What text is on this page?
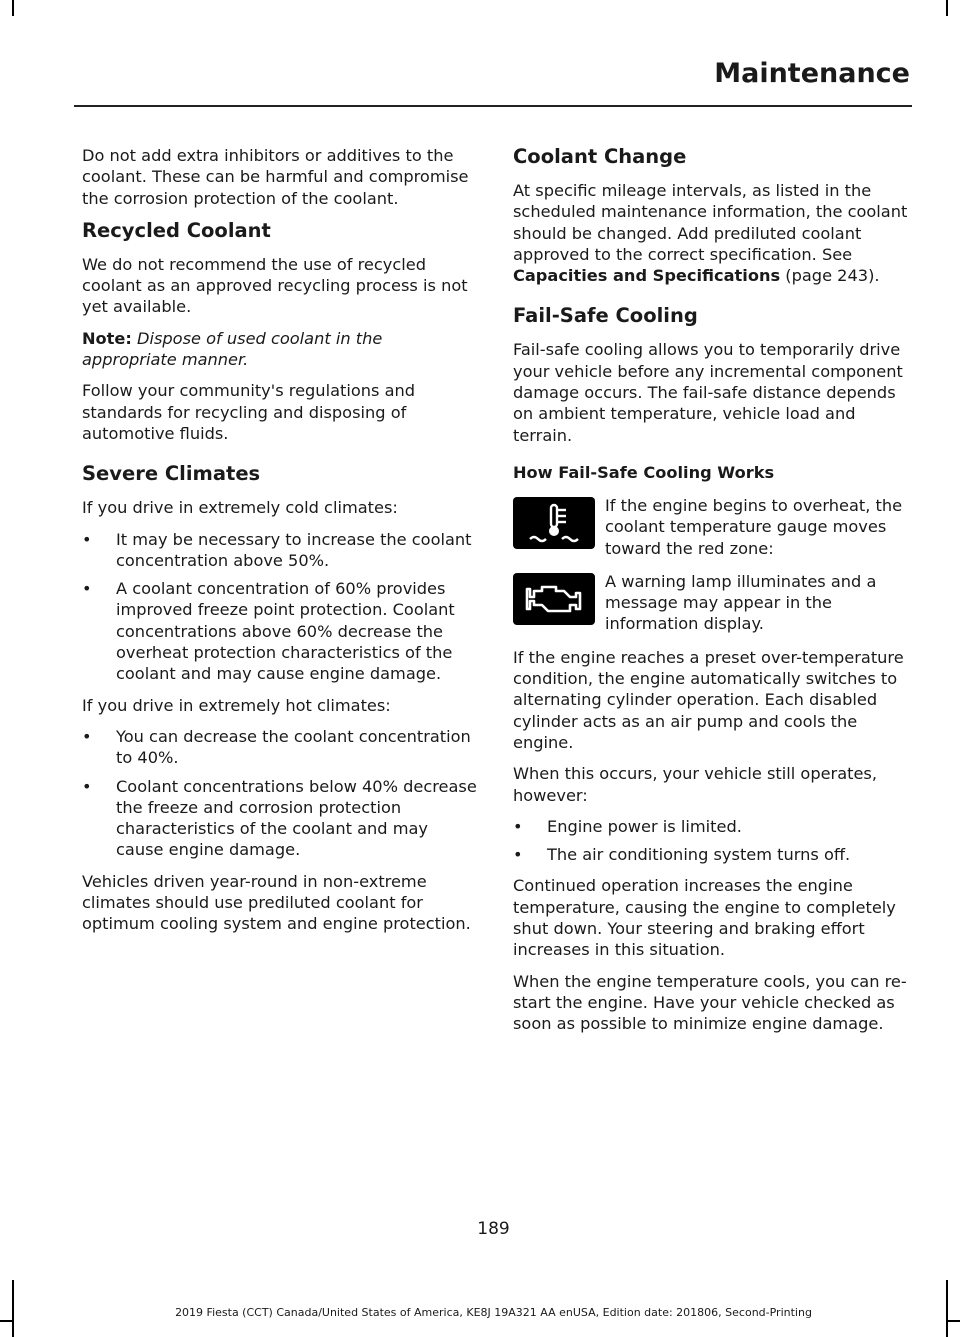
Maintenance

Do not add extra inhibitors or additives to the coolant. These can be harmful and compromise the corrosion protection of the coolant.

Recycled Coolant

We do not recommend the use of recycled coolant as an approved recycling process is not yet available.

Note: Dispose of used coolant in the appropriate manner.

Follow your community's regulations and standards for recycling and disposing of automotive fluids.

Severe Climates

If you drive in extremely cold climates:

• It may be necessary to increase the coolant concentration above 50%.
• A coolant concentration of 60% provides improved freeze point protection. Coolant concentrations above 60% decrease the overheat protection characteristics of the coolant and may cause engine damage.

If you drive in extremely hot climates:

• You can decrease the coolant concentration to 40%.
• Coolant concentrations below 40% decrease the freeze and corrosion protection characteristics of the coolant and may cause engine damage.

Vehicles driven year-round in non-extreme climates should use prediluted coolant for optimum cooling system and engine protection.

Coolant Change

At specific mileage intervals, as listed in the scheduled maintenance information, the coolant should be changed. Add prediluted coolant approved to the correct specification. See Capacities and Specifications (page 243).

Fail-Safe Cooling

Fail-safe cooling allows you to temporarily drive your vehicle before any incremental component damage occurs. The fail-safe distance depends on ambient temperature, vehicle load and terrain.

How Fail-Safe Cooling Works

If the engine begins to overheat, the coolant temperature gauge moves toward the red zone:

A warning lamp illuminates and a message may appear in the information display.

If the engine reaches a preset over-temperature condition, the engine automatically switches to alternating cylinder operation. Each disabled cylinder acts as an air pump and cools the engine.

When this occurs, your vehicle still operates, however:

• Engine power is limited.
• The air conditioning system turns off.

Continued operation increases the engine temperature, causing the engine to completely shut down. Your steering and braking effort increases in this situation.

When the engine temperature cools, you can re-start the engine. Have your vehicle checked as soon as possible to minimize engine damage.

189
2019 Fiesta (CCT) Canada/United States of America, KE8J 19A321 AA enUSA, Edition date: 201806, Second-Printing
